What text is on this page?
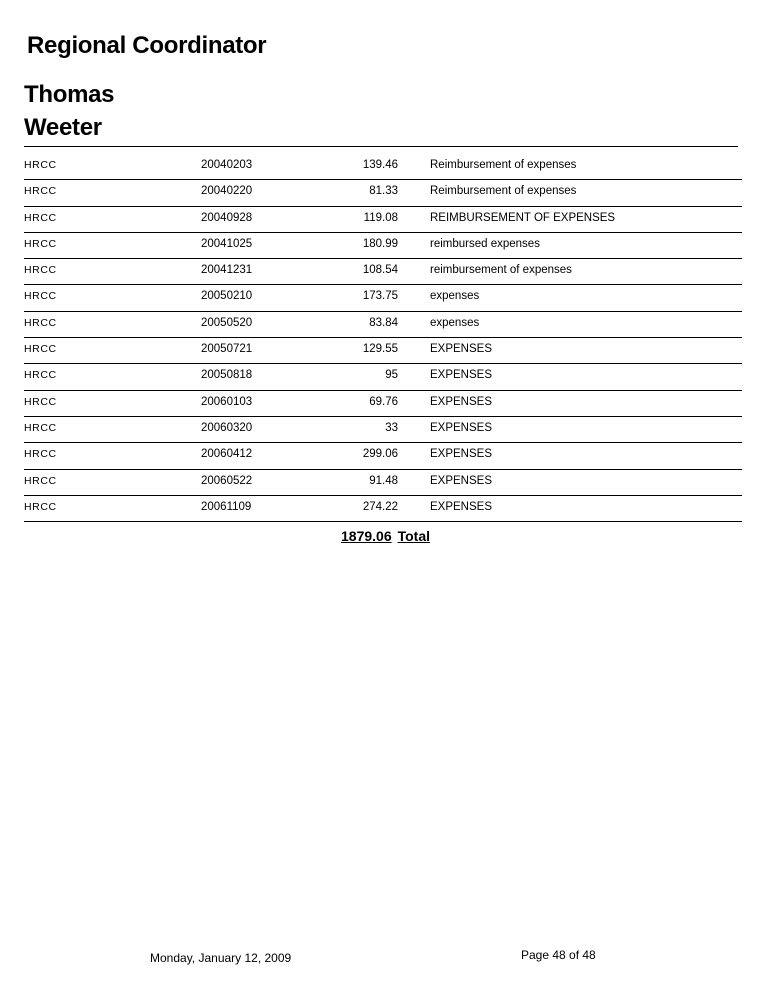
Regional Coordinator
Thomas
Weeter
HRCC	20040203	139.46	Reimbursement of expenses
HRCC	20040220	81.33	Reimbursement of expenses
HRCC	20040928	119.08	REIMBURSEMENT OF EXPENSES
HRCC	20041025	180.99	reimbursed expenses
HRCC	20041231	108.54	reimbursement of expenses
HRCC	20050210	173.75	expenses
HRCC	20050520	83.84	expenses
HRCC	20050721	129.55	EXPENSES
HRCC	20050818	95	EXPENSES
HRCC	20060103	69.76	EXPENSES
HRCC	20060320	33	EXPENSES
HRCC	20060412	299.06	EXPENSES
HRCC	20060522	91.48	EXPENSES
HRCC	20061109	274.22	EXPENSES
1879.06 Total
Monday, January 12, 2009	Page 48 of 48
